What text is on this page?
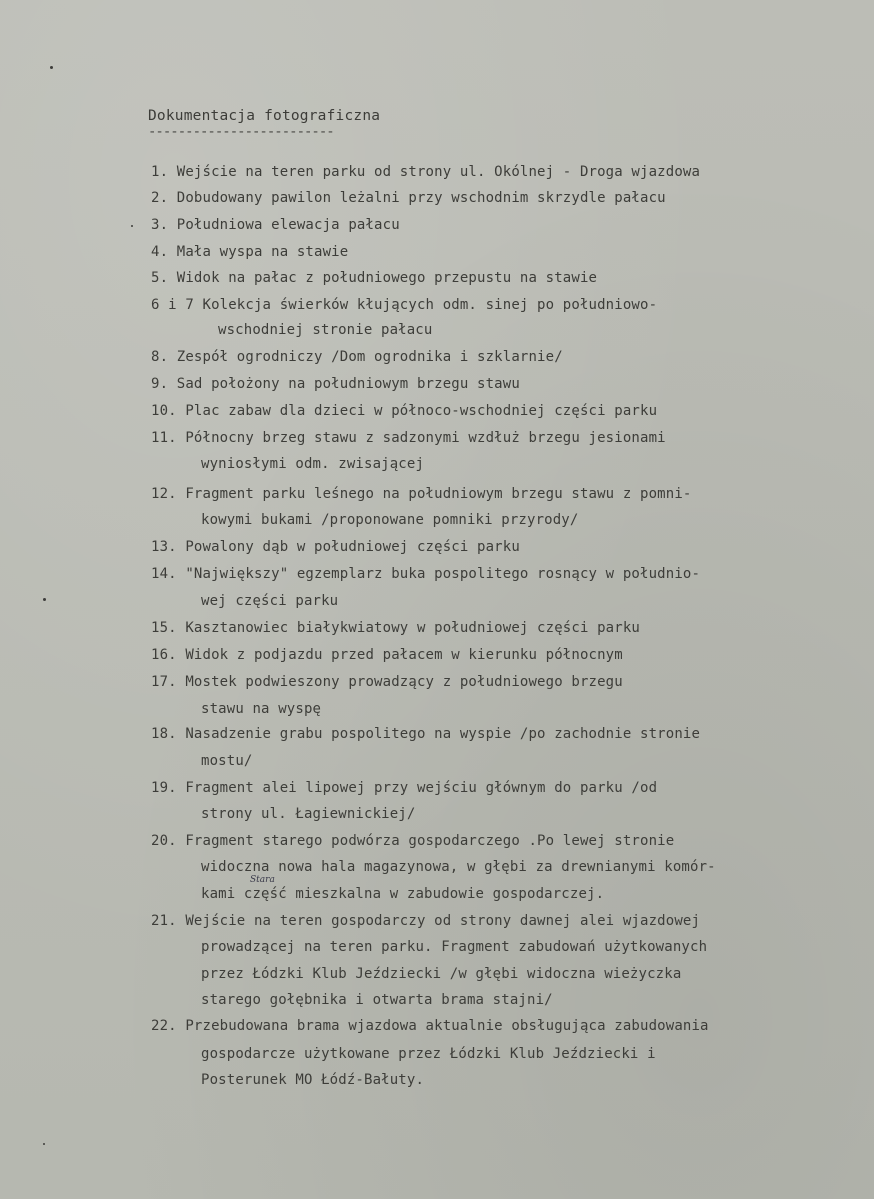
Dokumentacja fotograficzna
-------------------------
1. Wejście na teren parku od strony ul. Okólnej - Droga wjazdowa
2. Dobudowany pawilon leżalni przy wschodnim skrzydle pałacu
3. Południowa elewacja pałacu
4. Mała wyspa na stawie
5. Widok na pałac z południowego przepustu na stawie
6 i 7 Kolekcja świerków kłujących odm. sinej po południowo-
wschodniej stronie pałacu
8. Zespół ogrodniczy /Dom ogrodnika i szklarnie/
9. Sad położony na południowym brzegu stawu
10. Plac zabaw dla dzieci w północo-wschodniej części parku
11. Północny brzeg stawu z sadzonymi wzdłuż brzegu jesionami
wyniosłymi odm. zwisającej
12. Fragment parku leśnego na południowym brzegu stawu z pomni-
kowymi bukami /proponowane pomniki przyrody/
13. Powalony dąb w południowej części parku
14. "Największy" egzemplarz buka pospolitego rosnący w południo-
wej części parku
15. Kasztanowiec białykwiatowy w południowej części parku
16. Widok z podjazdu przed pałacem w kierunku północnym
17. Mostek podwieszony prowadzący z południowego brzegu
stawu na wyspę
18. Nasadzenie grabu pospolitego na wyspie /po zachodnie stronie
mostu/
19. Fragment alei lipowej przy wejściu głównym do parku /od
strony ul. Łagiewnickiej/
20. Fragment starego podwórza gospodarczego .Po lewej stronie
widoczna nowa hala magazynowa, w głębi za drewnianymi komór-
Stara
kami część mieszkalna w zabudowie gospodarczej.
21. Wejście na teren gospodarczy od strony dawnej alei wjazdowej
prowadzącej na teren parku. Fragment zabudowań użytkowanych
przez Łódzki Klub Jeździecki /w głębi widoczna wieżyczka
starego gołębnika i otwarta brama stajni/
22. Przebudowana brama wjazdowa aktualnie obsługująca zabudowania
gospodarcze użytkowane przez Łódzki Klub Jeździecki i
Posterunek MO Łódź-Bałuty.
